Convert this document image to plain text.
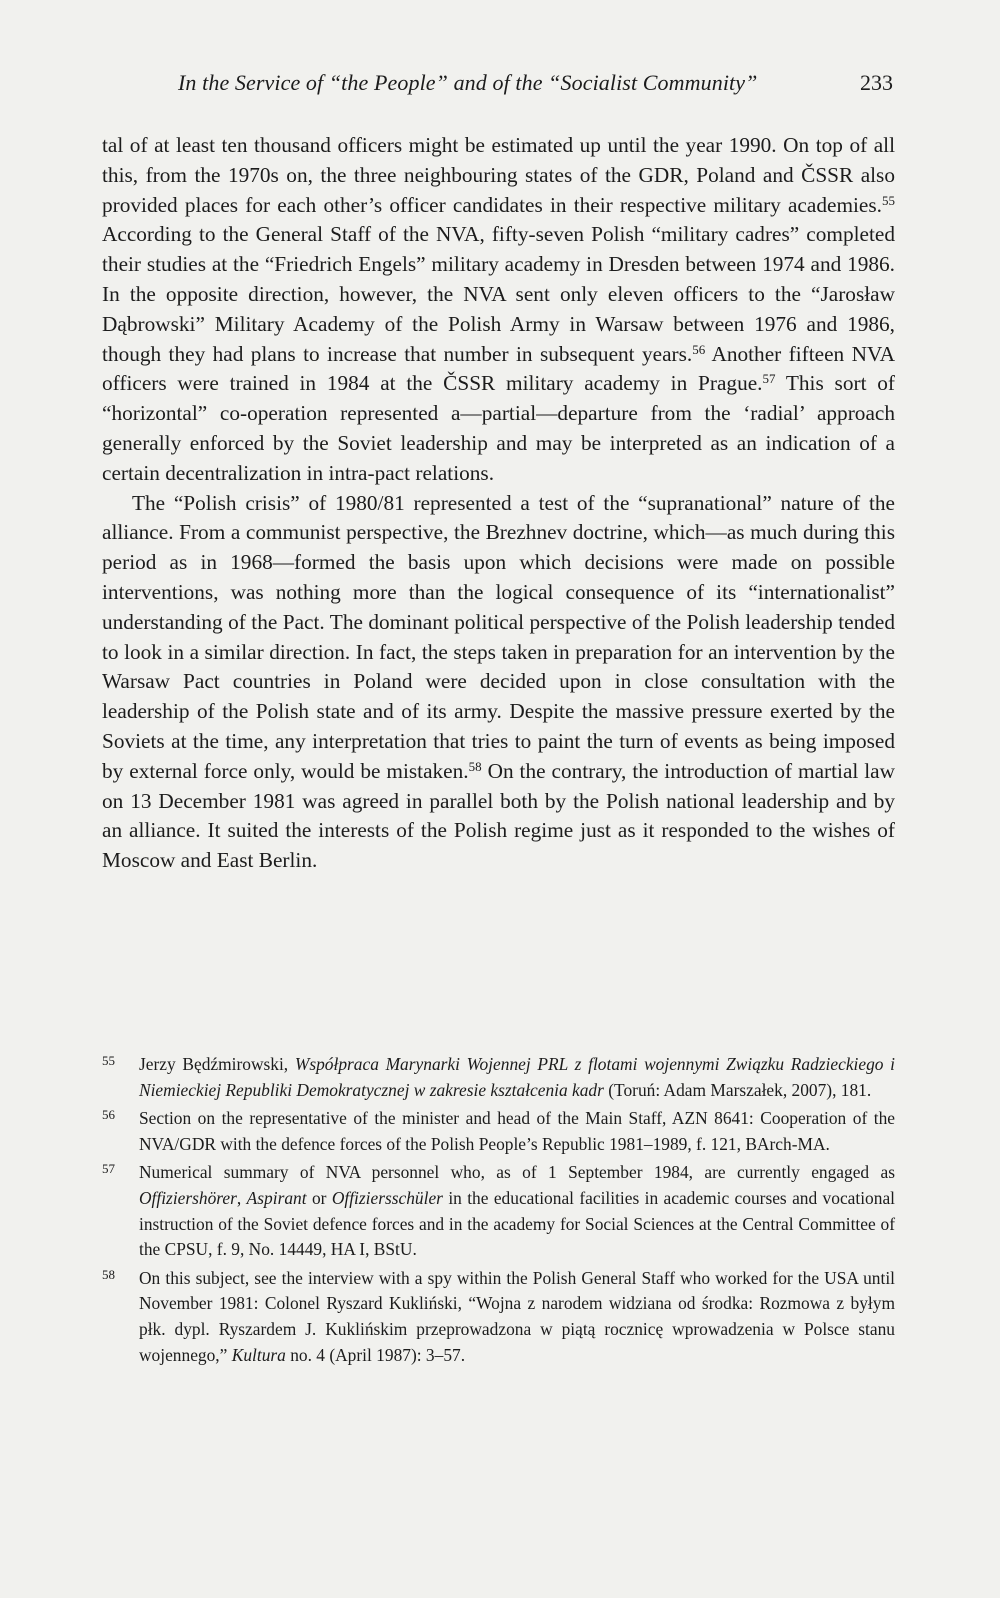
In the Service of “the People” and of the “Socialist Community”	233

tal of at least ten thousand officers might be estimated up until the year 1990. On top of all this, from the 1970s on, the three neighbouring states of the GDR, Poland and ČSSR also provided places for each other’s officer candidates in their respective military academies.$^{55}$ According to the General Staff of the NVA, fifty-seven Polish “military cadres” completed their studies at the “Friedrich Engels” military academy in Dresden between 1974 and 1986. In the opposite direction, however, the NVA sent only eleven officers to the “Jarosław Dąbrowski” Military Academy of the Polish Army in Warsaw between 1976 and 1986, though they had plans to increase that number in subsequent years.$^{56}$ Another fifteen NVA officers were trained in 1984 at the ČSSR military academy in Prague.$^{57}$ This sort of “horizontal” co-operation represented a—partial—departure from the ‘radial’ approach generally enforced by the Soviet leadership and may be interpreted as an indication of a certain decentralization in intra-pact relations.

The “Polish crisis” of 1980/81 represented a test of the “supranational” nature of the alliance. From a communist perspective, the Brezhnev doctrine, which—as much during this period as in 1968—formed the basis upon which decisions were made on possible interventions, was nothing more than the logical consequence of its “internationalist” understanding of the Pact. The dominant political perspective of the Polish leadership tended to look in a similar direction. In fact, the steps taken in preparation for an intervention by the Warsaw Pact countries in Poland were decided upon in close consultation with the leadership of the Polish state and of its army. Despite the massive pressure exerted by the Soviets at the time, any interpretation that tries to paint the turn of events as being imposed by external force only, would be mistaken.$^{58}$ On the contrary, the introduction of martial law on 13 December 1981 was agreed in parallel both by the Polish national leadership and by an alliance. It suited the interests of the Polish regime just as it responded to the wishes of Moscow and East Berlin.

55 Jerzy Będźmirowski, Współpraca Marynarki Wojennej PRL z flotami wojennymi Związku Radzieckiego i Niemieckiej Republiki Demokratycznej w zakresie kształcenia kadr (Toruń: Adam Marszałek, 2007), 181.
56 Section on the representative of the minister and head of the Main Staff, AZN 8641: Cooperation of the NVA/GDR with the defence forces of the Polish People’s Republic 1981–1989, f. 121, BArch-MA.
57 Numerical summary of NVA personnel who, as of 1 September 1984, are currently engaged as Offiziershörer, Aspirant or Offiziersschüler in the educational facilities in academic courses and vocational instruction of the Soviet defence forces and in the academy for Social Sciences at the Central Committee of the CPSU, f. 9, No. 14449, HA I, BStU.
58 On this subject, see the interview with a spy within the Polish General Staff who worked for the USA until November 1981: Colonel Ryszard Kukliński, “Wojna z narodem widziana od środka: Rozmowa z byłym płk. dypl. Ryszardem J. Kuklińskim przeprowadzona w piątą rocznicę wprowadzenia w Polsce stanu wojennego,” Kultura no. 4 (April 1987): 3–57.
